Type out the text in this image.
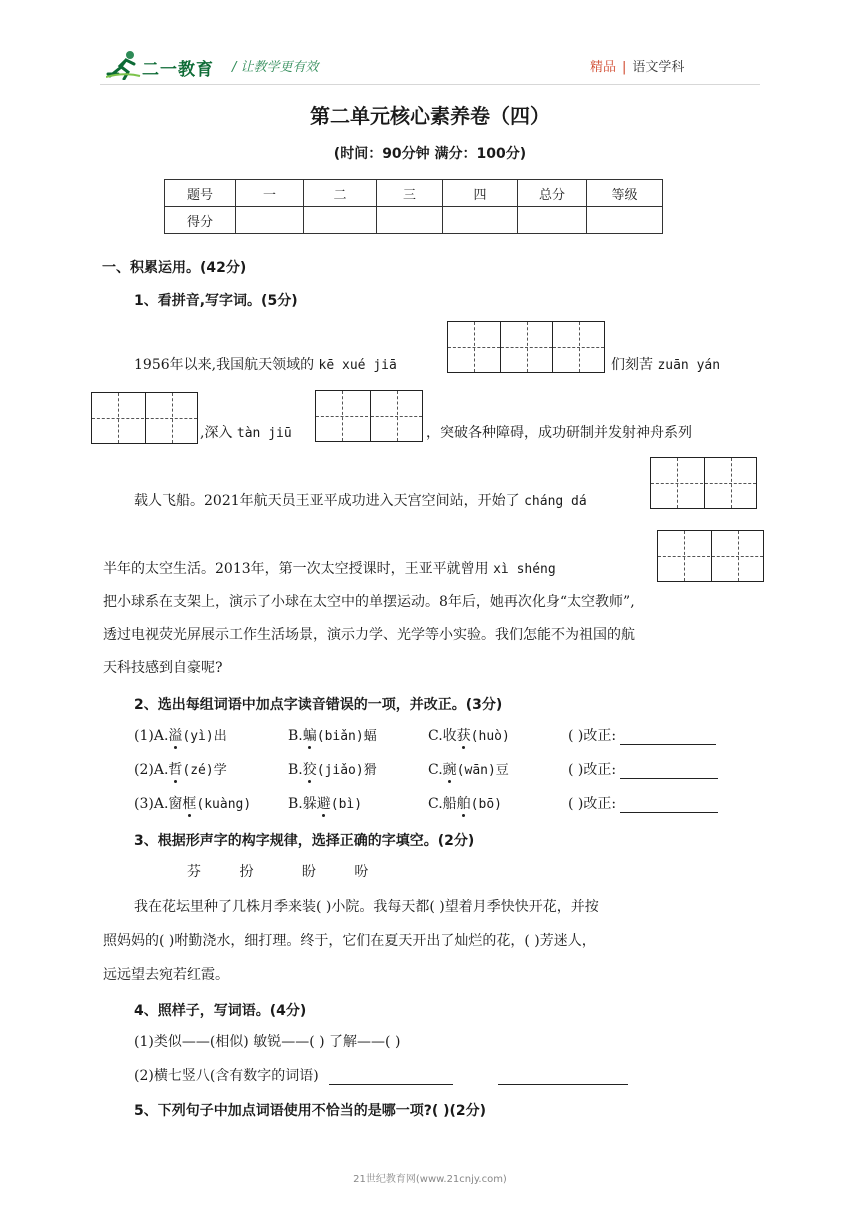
二一教育 / 让教学更有效	精品 | 语文学科
第二单元核心素养卷（四）
(时间：90分钟 满分：100分)
题号	一	二	三	四	总分	等级
得分						
一、积累运用。(42分)
1、看拼音,写字词。(5分)
1956年以来,我国航天领域的 kē xué jiā	们刻苦 zuān yán
,深入 tàn jiū	，突破各种障碍，成功研制并发射神舟系列
载人飞船。2021年航天员王亚平成功进入天宫空间站，开始了 cháng dá
半年的太空生活。2013年，第一次太空授课时，王亚平就曾用 xì shéng
把小球系在支架上，演示了小球在太空中的单摆运动。8年后，她再次化身“太空教师”,
透过电视荧光屏展示工作生活场景，演示力学、光学等小实验。我们怎能不为祖国的航
天科技感到自豪呢?
2、选出每组词语中加点字读音错误的一项，并改正。(3分)
(1)A.溢(yì)出	B.蝙(biǎn)蝠	C.收获(huò)	( )改正:
(2)A.哲(zé)学	B.狡(jiǎo)猾	C.豌(wān)豆	( )改正:
(3)A.窗框(kuàng)	B.躲避(bì)	C.船舶(bō)	( )改正:
3、根据形声字的构字规律，选择正确的字填空。(2分)
芬	扮	盼	吩
我在花坛里种了几株月季来装( )小院。我每天都( )望着月季快快开花，并按
照妈妈的( )咐勤浇水，细打理。终于，它们在夏天开出了灿烂的花，( )芳迷人，
远远望去宛若红霞。
4、照样子，写词语。(4分)
(1)类似——(相似) 敏锐——( ) 了解——( )
(2)横七竖八(含有数字的词语)
5、下列句子中加点词语使用不恰当的是哪一项?( )(2分)
21世纪教育网(www.21cnjy.com)
